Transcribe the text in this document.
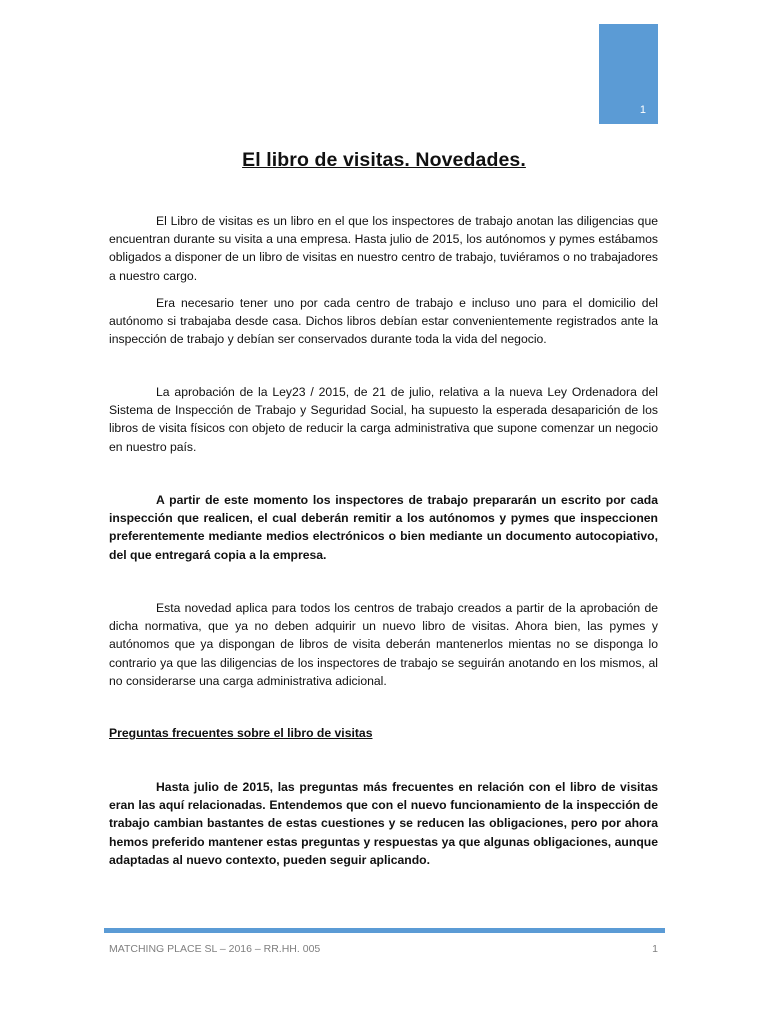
1
El libro de visitas. Novedades.

El Libro de visitas es un libro en el que los inspectores de trabajo anotan las diligencias que encuentran durante su visita a una empresa. Hasta julio de 2015, los autónomos y pymes estábamos obligados a disponer de un libro de visitas en nuestro centro de trabajo, tuviéramos o no trabajadores a nuestro cargo.

Era necesario tener uno por cada centro de trabajo e incluso uno para el domicilio del autónomo si trabajaba desde casa. Dichos libros debían estar convenientemente registrados ante la inspección de trabajo y debían ser conservados durante toda la vida del negocio.

La aprobación de la Ley23 / 2015, de 21 de julio, relativa a la nueva Ley Ordenadora del Sistema de Inspección de Trabajo y Seguridad Social, ha supuesto la esperada desaparición de los libros de visita físicos con objeto de reducir la carga administrativa que supone comenzar un negocio en nuestro país.

A partir de este momento los inspectores de trabajo prepararán un escrito por cada inspección que realicen, el cual deberán remitir a los autónomos y pymes que inspeccionen preferentemente mediante medios electrónicos o bien mediante un documento autocopiativo, del que entregará copia a la empresa.

Esta novedad aplica para todos los centros de trabajo creados a partir de la aprobación de dicha normativa, que ya no deben adquirir un nuevo libro de visitas. Ahora bien, las pymes y autónomos que ya dispongan de libros de visita deberán mantenerlos mientas no se disponga lo contrario ya que las diligencias de los inspectores de trabajo se seguirán anotando en los mismos, al no considerarse una carga administrativa adicional.

Preguntas frecuentes sobre el libro de visitas

Hasta julio de 2015, las preguntas más frecuentes en relación con el libro de visitas eran las aquí relacionadas. Entendemos que con el nuevo funcionamiento de la inspección de trabajo cambian bastantes de estas cuestiones y se reducen las obligaciones, pero por ahora hemos preferido mantener estas preguntas y respuestas ya que algunas obligaciones, aunque adaptadas al nuevo contexto, pueden seguir aplicando.

MATCHING PLACE SL – 2016 – RR.HH. 005	1
